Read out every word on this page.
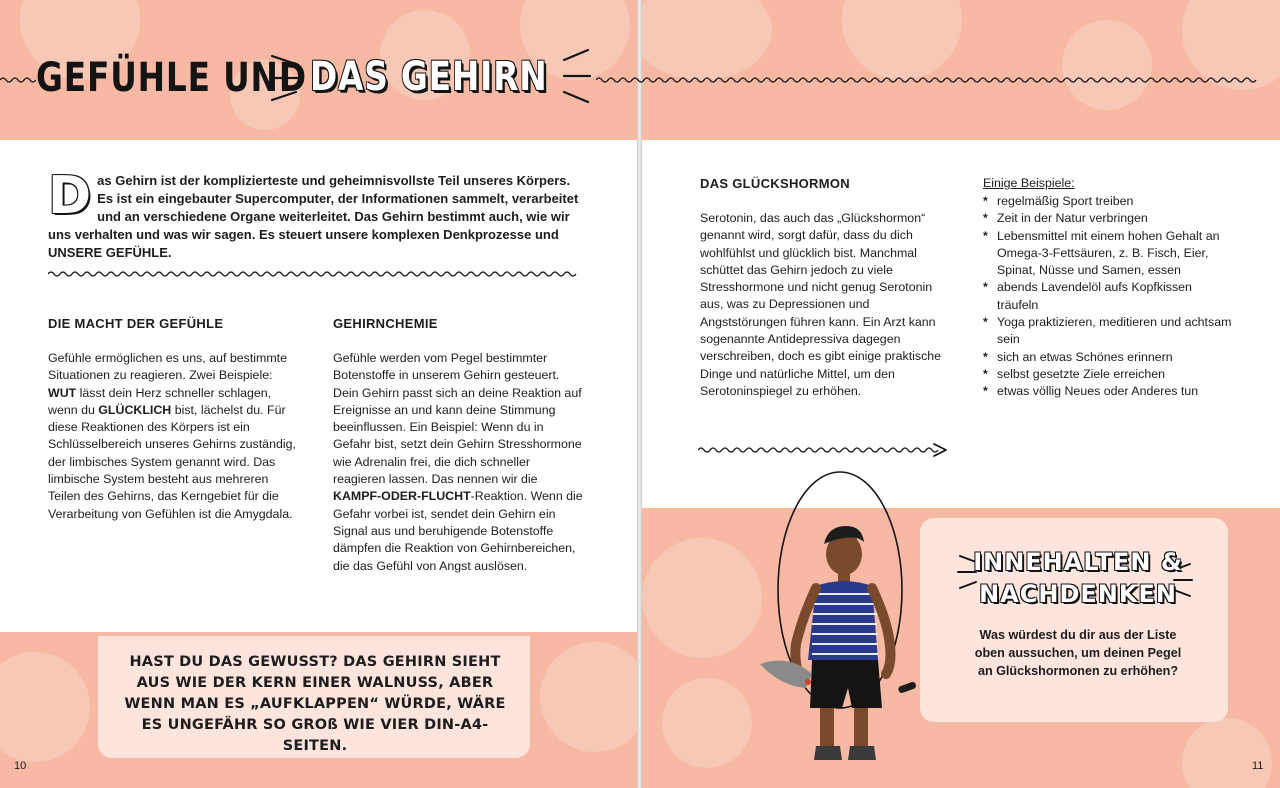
GEFÜHLE UND DAS GEHIRN
D as Gehirn ist der komplizierteste und geheimnisvollste Teil unseres Körpers. Es ist ein eingebauter Supercomputer, der Informationen sammelt, verarbeitet und an verschiedene Organe weiterleitet. Das Gehirn bestimmt auch, wie wir uns verhalten und was wir sagen. Es steuert unsere komplexen Denkprozesse und UNSERE GEFÜHLE.
DIE MACHT DER GEFÜHLE
Gefühle ermöglichen es uns, auf bestimmte Situationen zu reagieren. Zwei Beispiele: WUT lässt dein Herz schneller schlagen, wenn du GLÜCKLICH bist, lächelst du. Für diese Reaktionen des Körpers ist ein Schlüsselbereich unseres Gehirns zuständig, der limbisches System genannt wird. Das limbische System besteht aus mehreren Teilen des Gehirns, das Kerngebiet für die Verarbeitung von Gefühlen ist die Amygdala.
GEHIRNCHEMIE
Gefühle werden vom Pegel bestimmter Botenstoffe in unserem Gehirn gesteuert. Dein Gehirn passt sich an deine Reaktion auf Ereignisse an und kann deine Stimmung beeinflussen. Ein Beispiel: Wenn du in Gefahr bist, setzt dein Gehirn Stresshormone wie Adrenalin frei, die dich schneller reagieren lassen. Das nennen wir die KAMPF-ODER-FLUCHT-Reaktion. Wenn die Gefahr vorbei ist, sendet dein Gehirn ein Signal aus und beruhigende Botenstoffe dämpfen die Reaktion von Gehirnbereichen, die das Gefühl von Angst auslösen.
HAST DU DAS GEWUSST? DAS GEHIRN SIEHT AUS WIE DER KERN EINER WALNUSS, ABER WENN MAN ES „AUFKLAPPEN“ WÜRDE, WÄRE ES UNGEFÄHR SO GROß WIE VIER DIN-A4-SEITEN.
DAS GLÜCKSHORMON
Serotonin, das auch das „Glückshormon“ genannt wird, sorgt dafür, dass du dich wohlfühlst und glücklich bist. Manchmal schüttet das Gehirn jedoch zu viele Stresshormone und nicht genug Serotonin aus, was zu Depressionen und Angststörungen führen kann. Ein Arzt kann sogenannte Antidepressiva dagegen verschreiben, doch es gibt einige praktische Dinge und natürliche Mittel, um den Serotoninspiegel zu erhöhen.
Einige Beispiele:
* regelmäßig Sport treiben
* Zeit in der Natur verbringen
* Lebensmittel mit einem hohen Gehalt an Omega-3-Fettsäuren, z. B. Fisch, Eier, Spinat, Nüsse und Samen, essen
* abends Lavendelöl aufs Kopfkissen träufeln
* Yoga praktizieren, meditieren und achtsam sein
* sich an etwas Schönes erinnern
* selbst gesetzte Ziele erreichen
* etwas völlig Neues oder Anderes tun
INNEHALTEN &
NACHDENKEN
Was würdest du dir aus der Liste oben aussuchen, um deinen Pegel an Glückshormonen zu erhöhen?
10	11
